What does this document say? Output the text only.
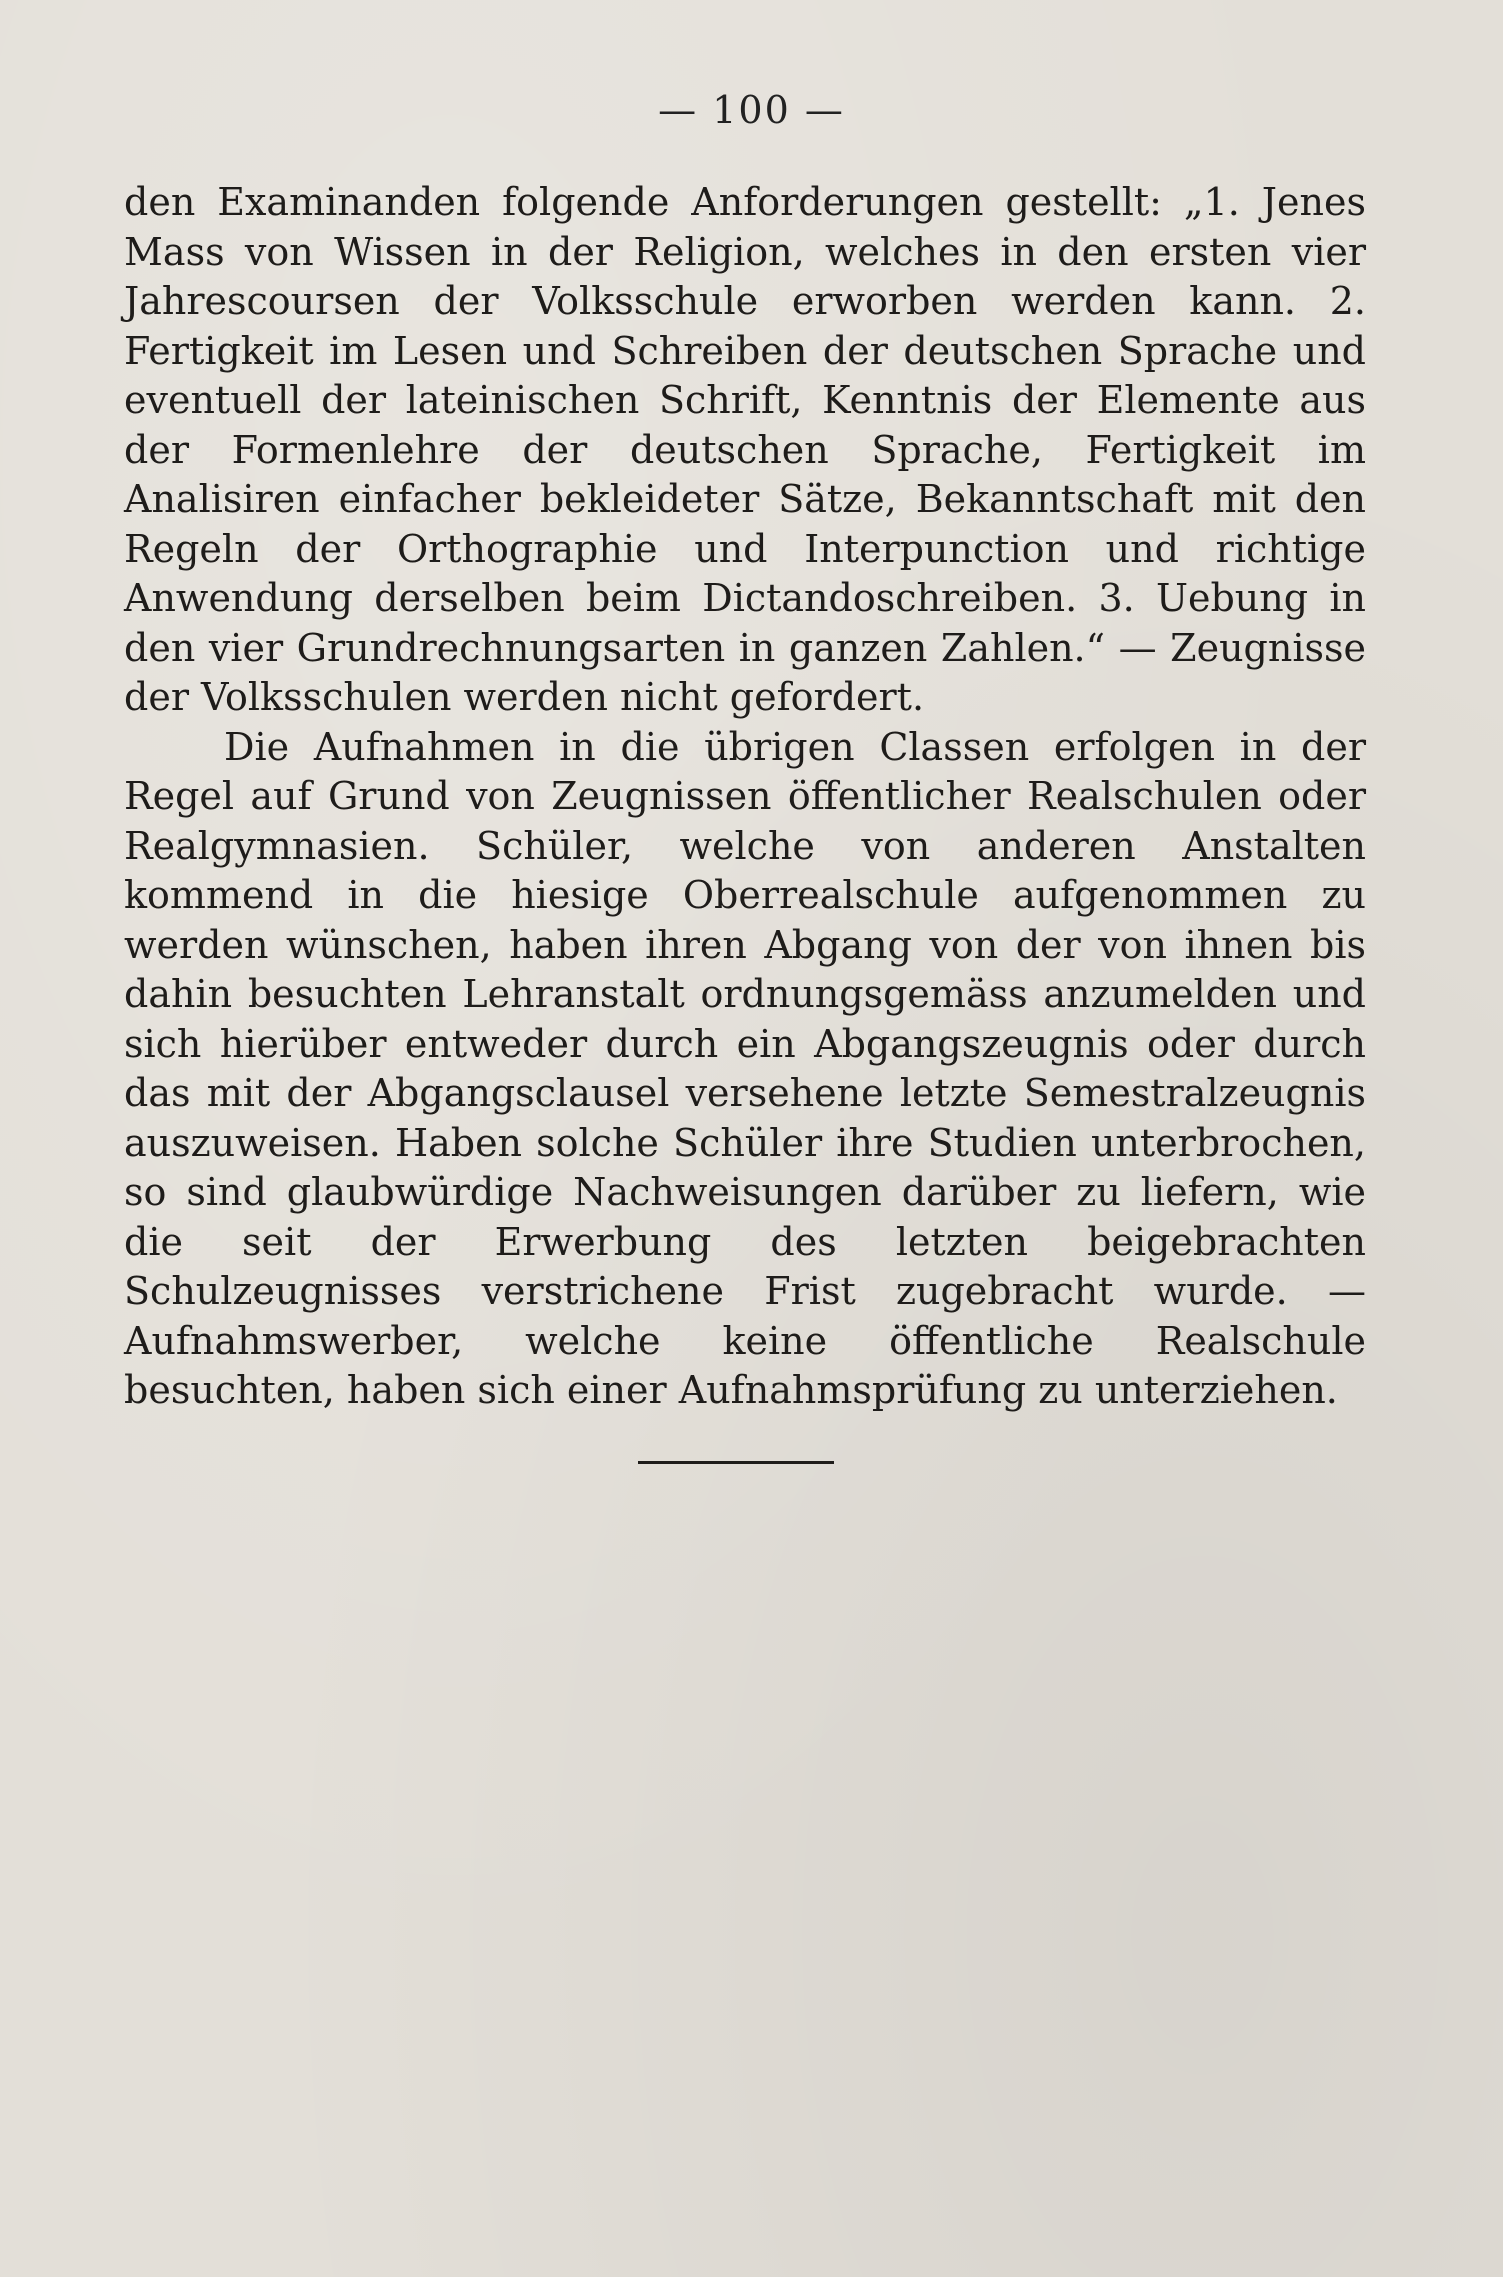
— 100 —

den Examinanden folgende Anforderungen gestellt: „1. Jenes Mass von Wissen in der Religion, welches in den ersten vier Jahrescoursen der Volksschule erworben werden kann. 2. Fertigkeit im Lesen und Schreiben der deutschen Sprache und eventuell der lateinischen Schrift, Kenntnis der Elemente aus der Formenlehre der deutschen Sprache, Fertigkeit im Analisiren einfacher bekleideter Sätze, Bekanntschaft mit den Regeln der Orthographie und Interpunction und richtige Anwendung derselben beim Dictandoschreiben. 3. Uebung in den vier Grundrechnungsarten in ganzen Zahlen.“ — Zeugnisse der Volksschulen werden nicht gefordert.

Die Aufnahmen in die übrigen Classen erfolgen in der Regel auf Grund von Zeugnissen öffentlicher Realschulen oder Realgymnasien. Schüler, welche von anderen Anstalten kommend in die hiesige Oberrealschule aufgenommen zu werden wünschen, haben ihren Abgang von der von ihnen bis dahin besuchten Lehranstalt ordnungsgemäss anzumelden und sich hierüber entweder durch ein Abgangszeugnis oder durch das mit der Abgangsclausel versehene letzte Semestralzeugnis auszuweisen. Haben solche Schüler ihre Studien unterbrochen, so sind glaubwürdige Nachweisungen darüber zu liefern, wie die seit der Erwerbung des letzten beigebrachten Schulzeugnisses verstrichene Frist zugebracht wurde. — Aufnahmswerber, welche keine öffentliche Realschule besuchten, haben sich einer Aufnahmsprüfung zu unterziehen.
